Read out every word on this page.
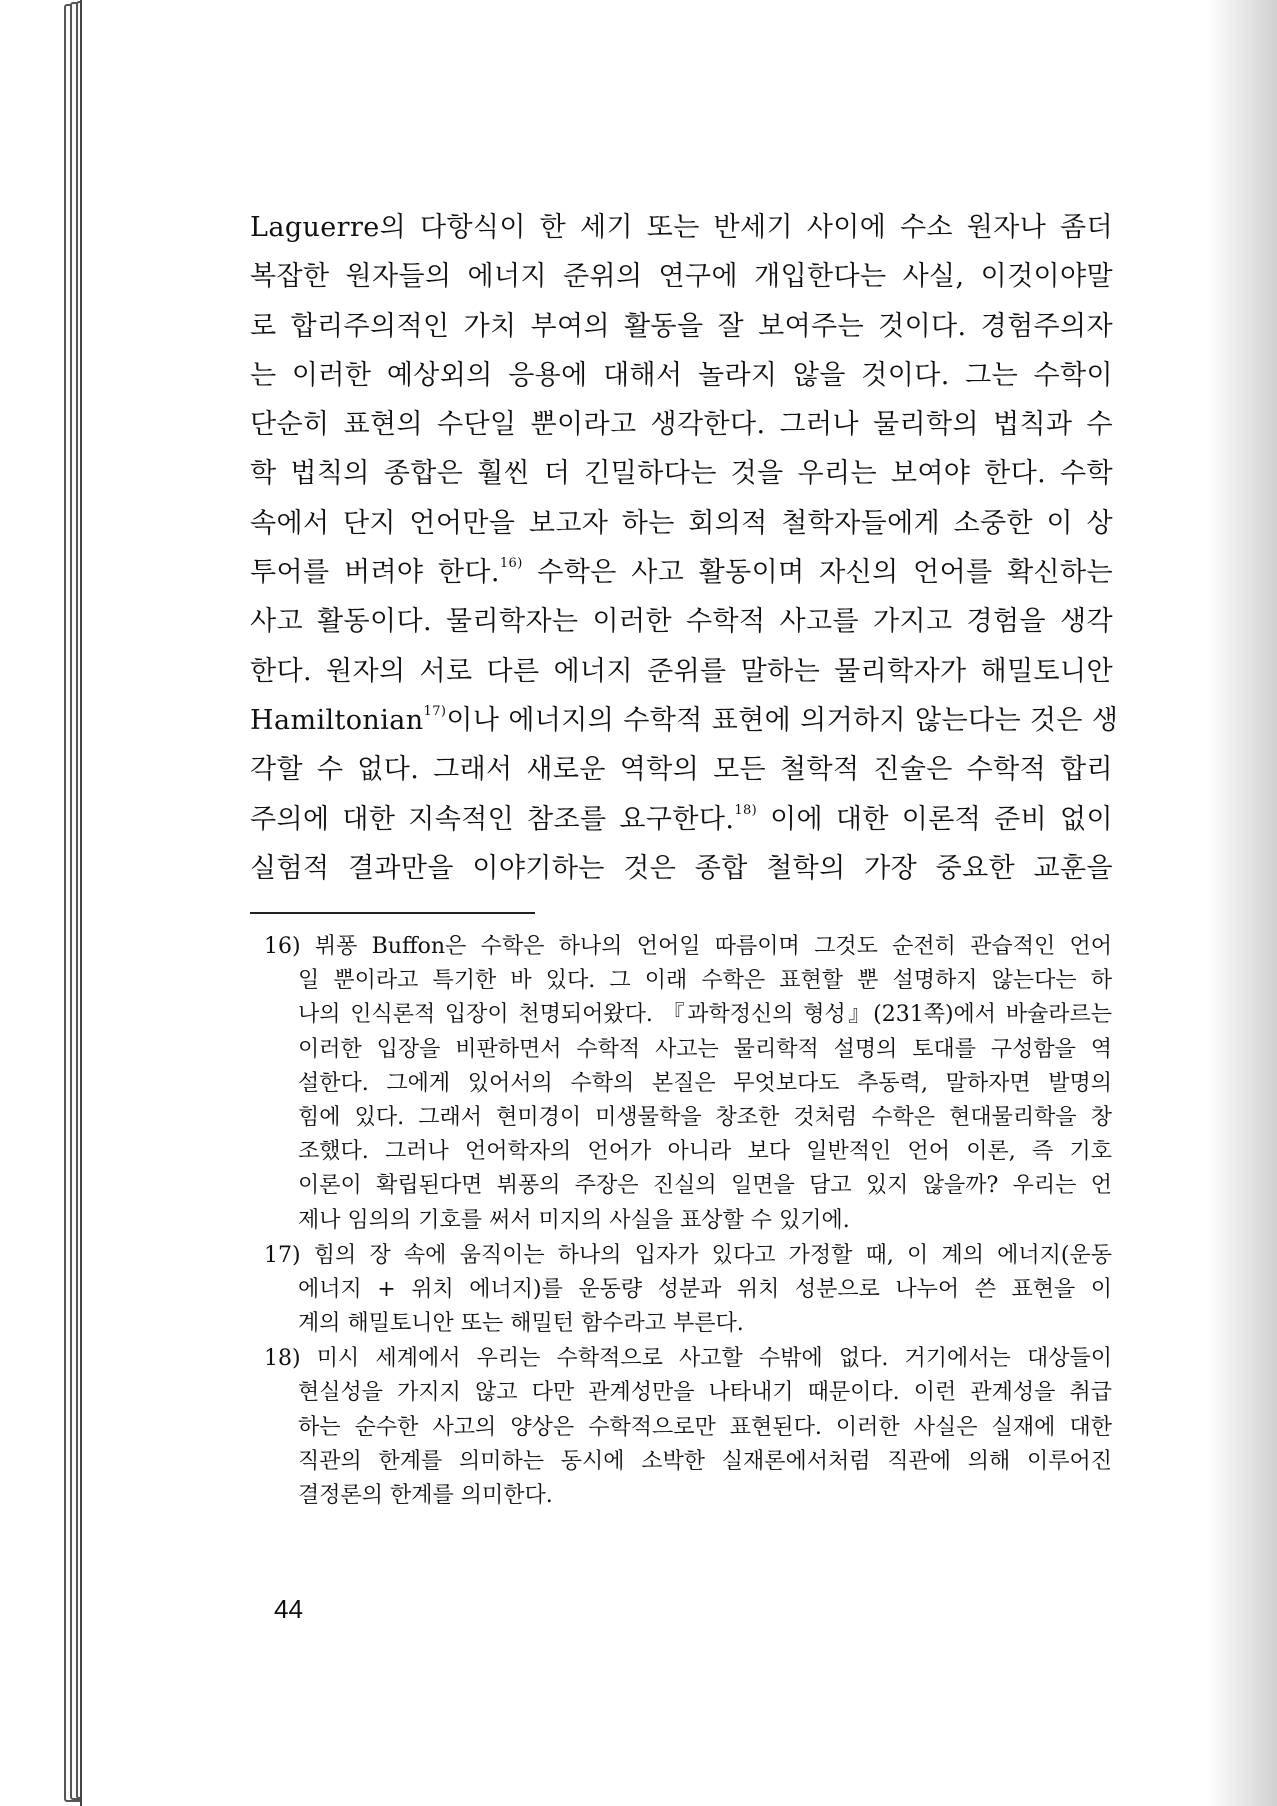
Laguerre의 다항식이 한 세기 또는 반세기 사이에 수소 원자나 좀더
복잡한 원자들의 에너지 준위의 연구에 개입한다는 사실, 이것이야말
로 합리주의적인 가치 부여의 활동을 잘 보여주는 것이다. 경험주의자
는 이러한 예상외의 응용에 대해서 놀라지 않을 것이다. 그는 수학이
단순히 표현의 수단일 뿐이라고 생각한다. 그러나 물리학의 법칙과 수
학 법칙의 종합은 훨씬 더 긴밀하다는 것을 우리는 보여야 한다. 수학
속에서 단지 언어만을 보고자 하는 회의적 철학자들에게 소중한 이 상
투어를 버려야 한다.$^{16)}$ 수학은 사고 활동이며 자신의 언어를 확신하는
사고 활동이다. 물리학자는 이러한 수학적 사고를 가지고 경험을 생각
한다. 원자의 서로 다른 에너지 준위를 말하는 물리학자가 해밀토니안
Hamiltonian$^{17)}$이나 에너지의 수학적 표현에 의거하지 않는다는 것은 생
각할 수 없다. 그래서 새로운 역학의 모든 철학적 진술은 수학적 합리
주의에 대한 지속적인 참조를 요구한다.$^{18)}$ 이에 대한 이론적 준비 없이
실험적 결과만을 이야기하는 것은 종합 철학의 가장 중요한 교훈을
16) 뷔퐁 Buffon은 수학은 하나의 언어일 따름이며 그것도 순전히 관습적인 언어
일 뿐이라고 특기한 바 있다. 그 이래 수학은 표현할 뿐 설명하지 않는다는 하
나의 인식론적 입장이 천명되어왔다. 『과학정신의 형성』(231쪽)에서 바슐라르는
이러한 입장을 비판하면서 수학적 사고는 물리학적 설명의 토대를 구성함을 역
설한다. 그에게 있어서의 수학의 본질은 무엇보다도 추동력, 말하자면 발명의
힘에 있다. 그래서 현미경이 미생물학을 창조한 것처럼 수학은 현대물리학을 창
조했다. 그러나 언어학자의 언어가 아니라 보다 일반적인 언어 이론, 즉 기호
이론이 확립된다면 뷔퐁의 주장은 진실의 일면을 담고 있지 않을까? 우리는 언
제나 임의의 기호를 써서 미지의 사실을 표상할 수 있기에.
17) 힘의 장 속에 움직이는 하나의 입자가 있다고 가정할 때, 이 계의 에너지(운동
에너지 + 위치 에너지)를 운동량 성분과 위치 성분으로 나누어 쓴 표현을 이
계의 해밀토니안 또는 해밀턴 함수라고 부른다.
18) 미시 세계에서 우리는 수학적으로 사고할 수밖에 없다. 거기에서는 대상들이
현실성을 가지지 않고 다만 관계성만을 나타내기 때문이다. 이런 관계성을 취급
하는 순수한 사고의 양상은 수학적으로만 표현된다. 이러한 사실은 실재에 대한
직관의 한계를 의미하는 동시에 소박한 실재론에서처럼 직관에 의해 이루어진
결정론의 한계를 의미한다.
44
